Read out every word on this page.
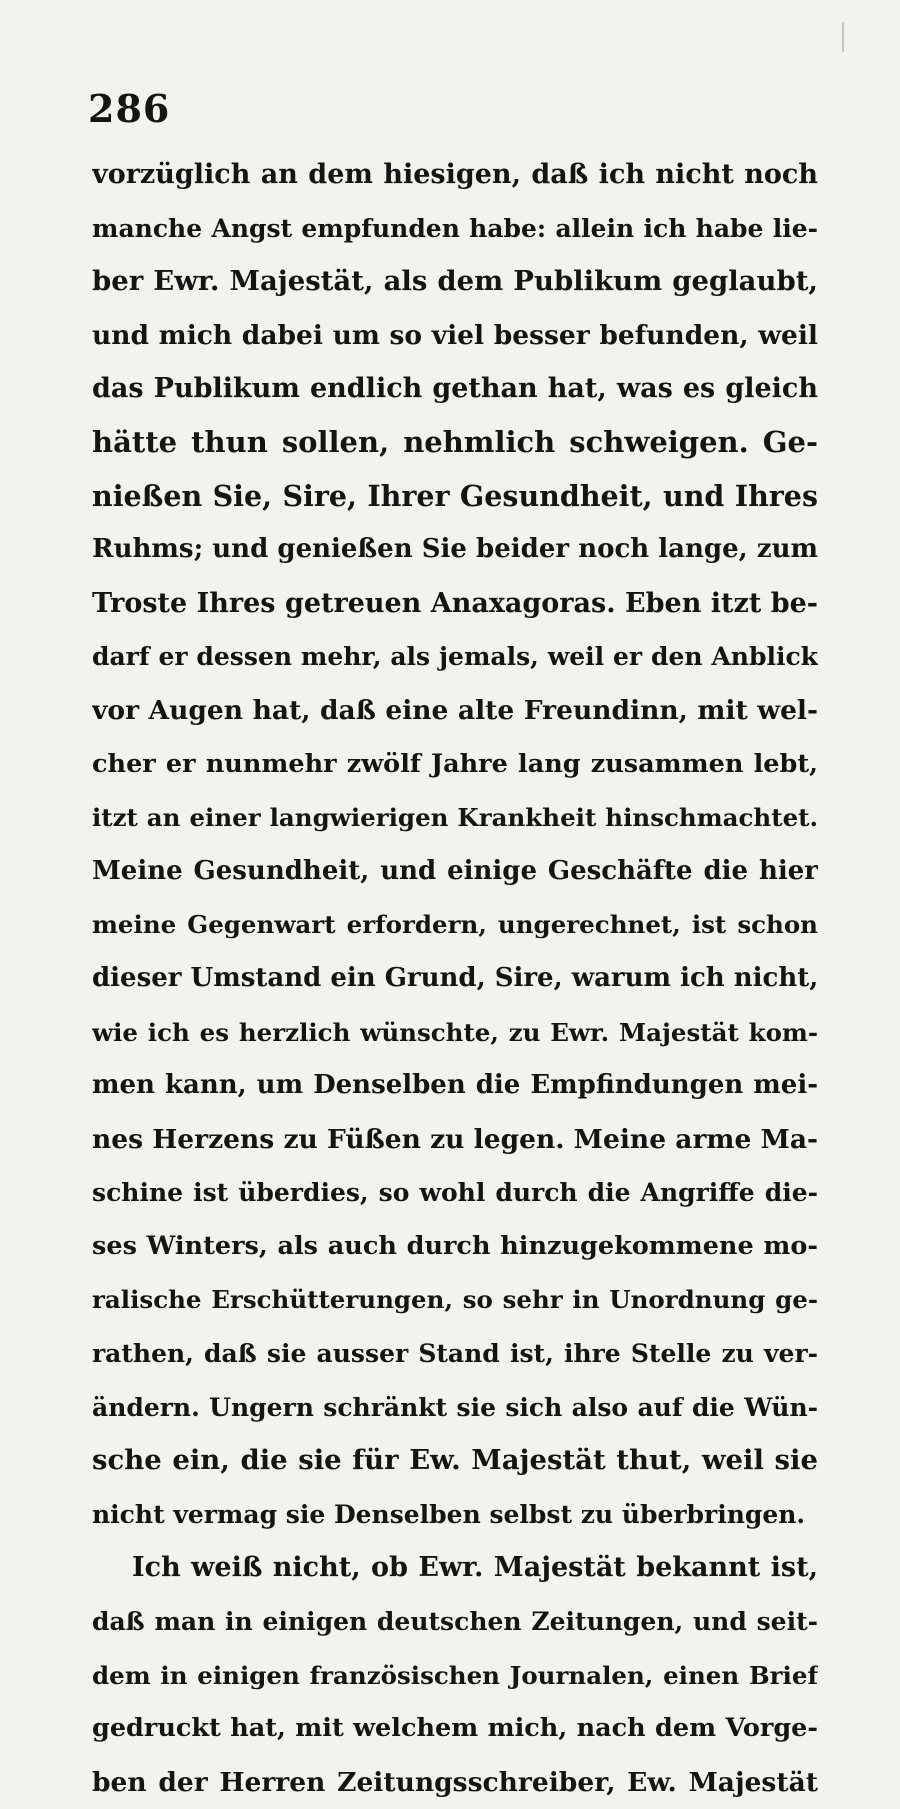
286
vorzüglich an dem hiesigen, daß ich nicht noch
manche Angst empfunden habe: allein ich habe lie-
ber Ewr. Majestät, als dem Publikum geglaubt,
und mich dabei um so viel besser befunden, weil
das Publikum endlich gethan hat, was es gleich
hätte thun sollen, nehmlich schweigen. Ge-
nießen Sie, Sire, Ihrer Gesundheit, und Ihres
Ruhms; und genießen Sie beider noch lange, zum
Troste Ihres getreuen Anaxagoras. Eben itzt be-
darf er dessen mehr, als jemals, weil er den Anblick
vor Augen hat, daß eine alte Freundinn, mit wel-
cher er nunmehr zwölf Jahre lang zusammen lebt,
itzt an einer langwierigen Krankheit hinschmachtet.
Meine Gesundheit, und einige Geschäfte die hier
meine Gegenwart erfordern, ungerechnet, ist schon
dieser Umstand ein Grund, Sire, warum ich nicht,
wie ich es herzlich wünschte, zu Ewr. Majestät kom-
men kann, um Denselben die Empfindungen mei-
nes Herzens zu Füßen zu legen. Meine arme Ma-
schine ist überdies, so wohl durch die Angriffe die-
ses Winters, als auch durch hinzugekommene mo-
ralische Erschütterungen, so sehr in Unordnung ge-
rathen, daß sie ausser Stand ist, ihre Stelle zu ver-
ändern. Ungern schränkt sie sich also auf die Wün-
sche ein, die sie für Ew. Majestät thut, weil sie
nicht vermag sie Denselben selbst zu überbringen.
Ich weiß nicht, ob Ewr. Majestät bekannt ist,
daß man in einigen deutschen Zeitungen, und seit-
dem in einigen französischen Journalen, einen Brief
gedruckt hat, mit welchem mich, nach dem Vorge-
ben der Herren Zeitungsschreiber, Ew. Majestät
